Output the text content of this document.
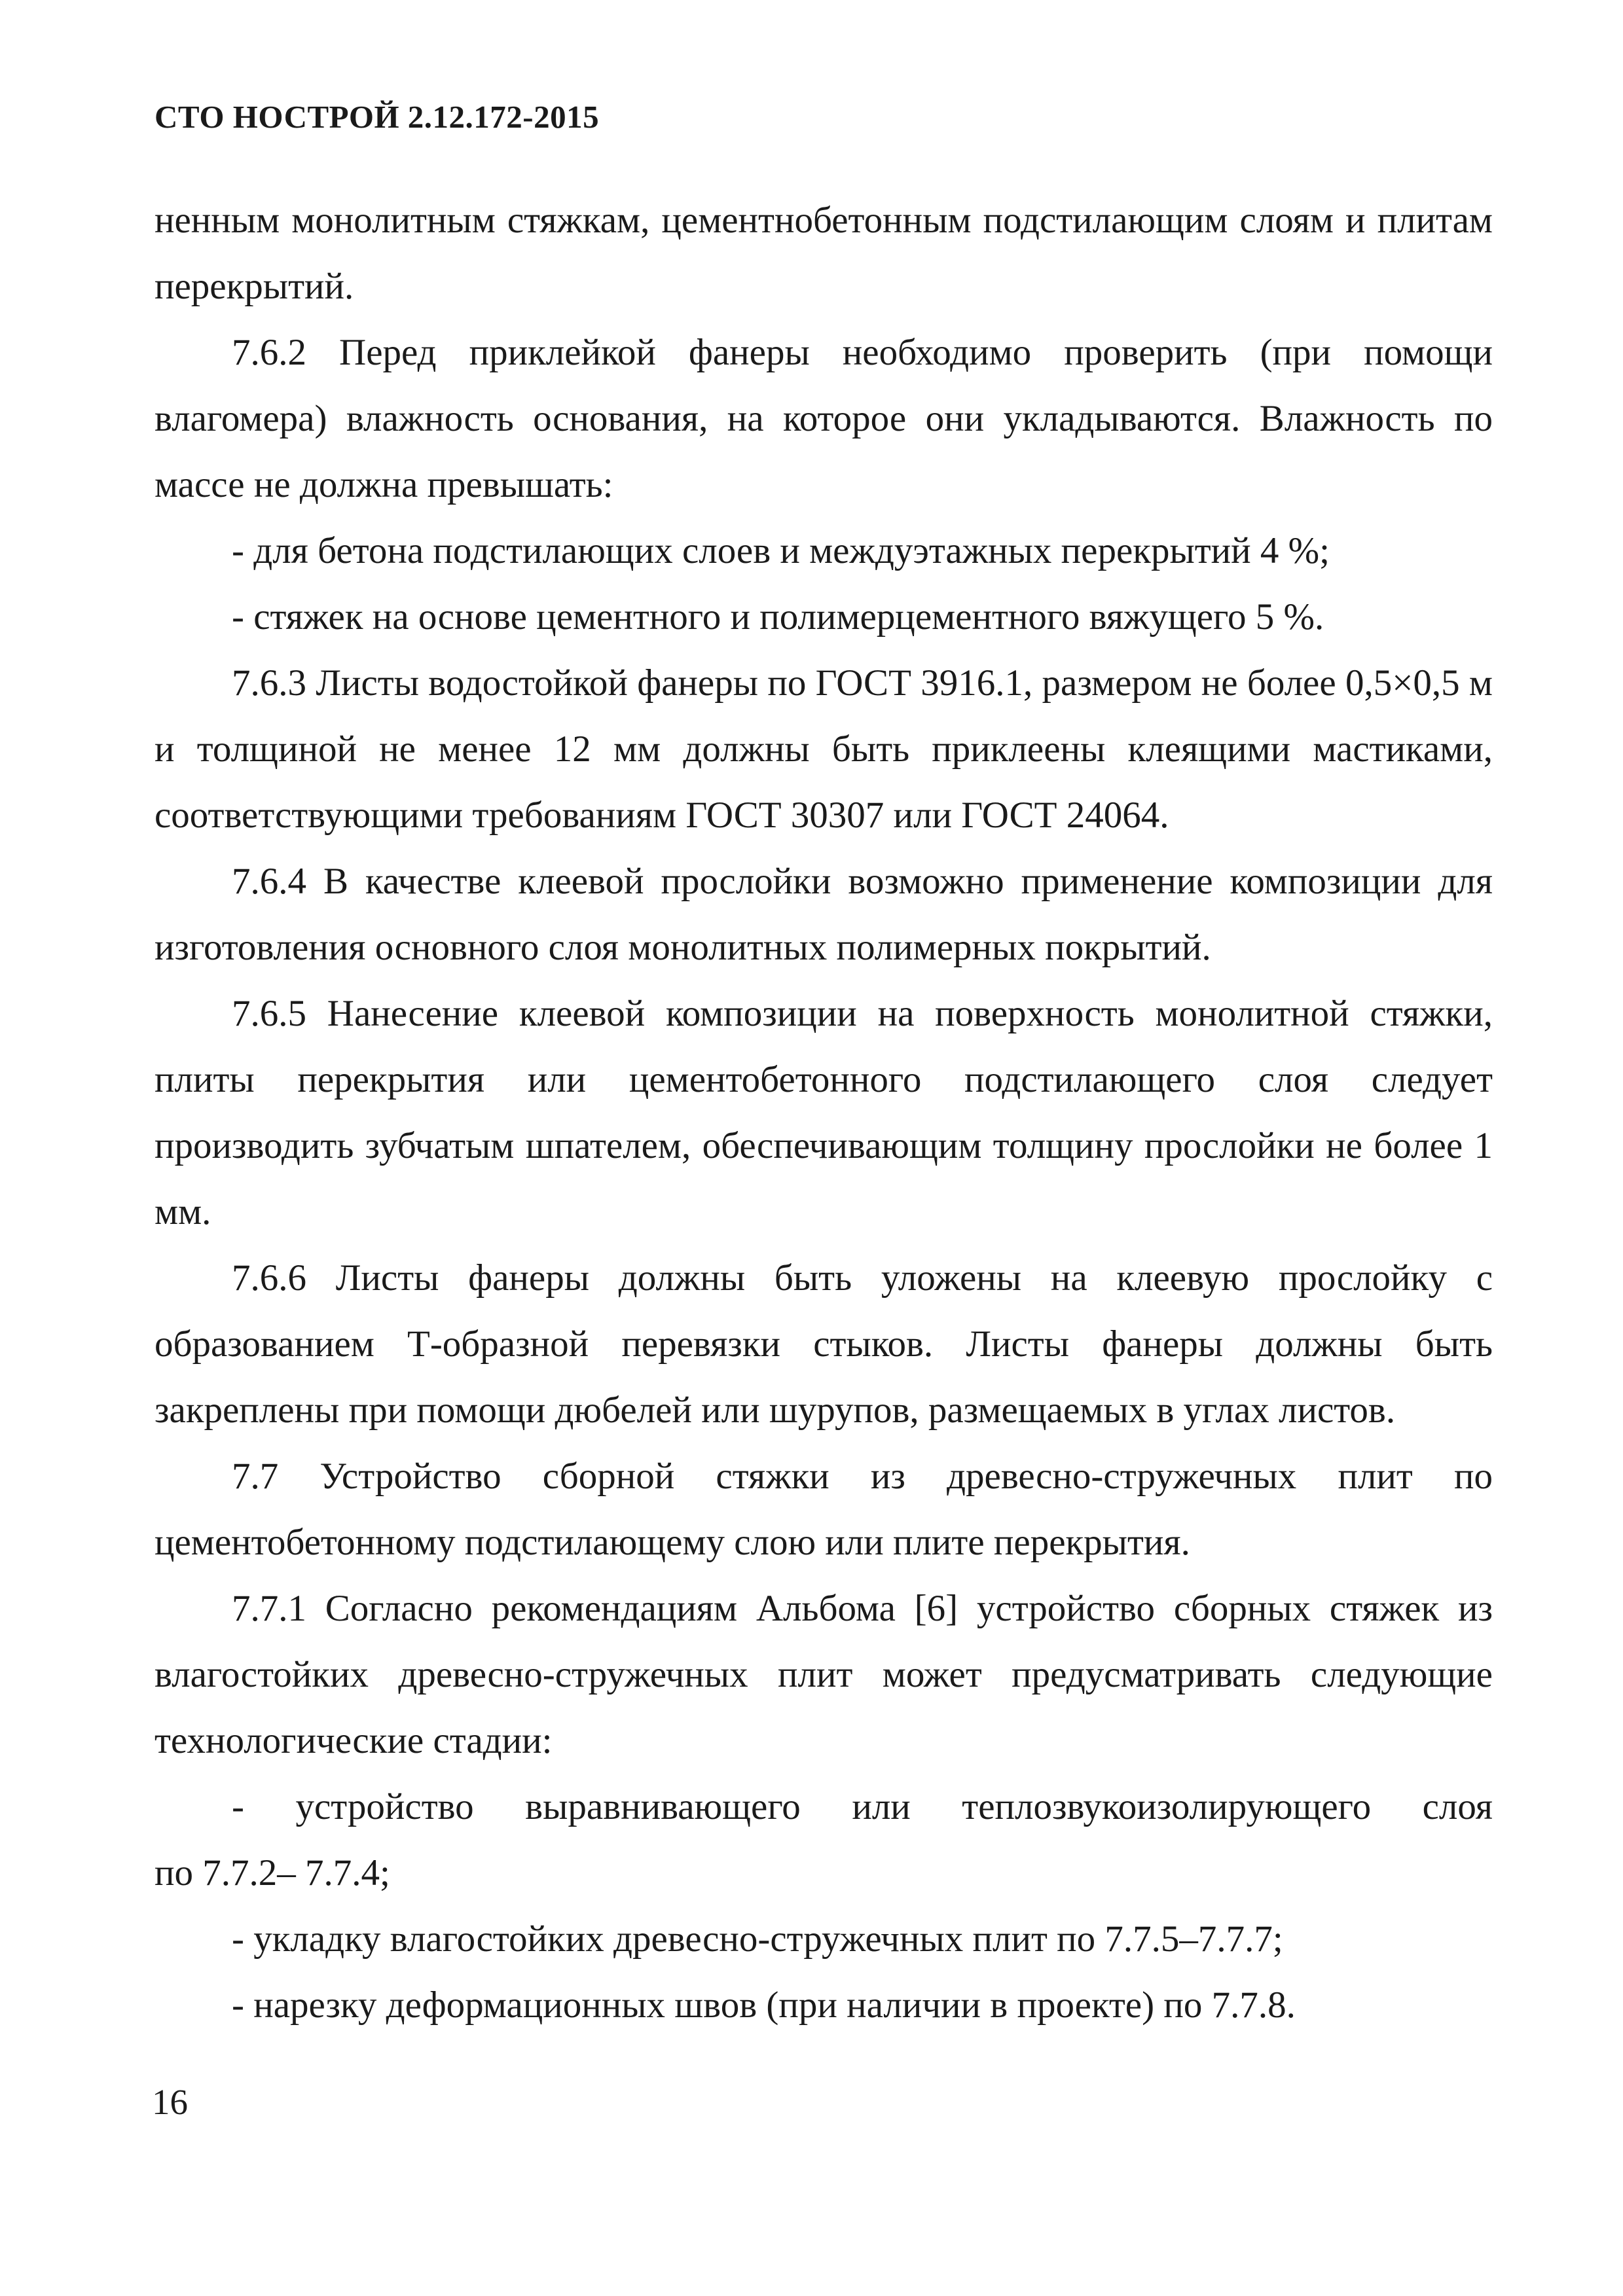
СТО НОСТРОЙ 2.12.172-2015

ненным монолитным стяжкам, цементнобетонным подстилающим слоям и плитам перекрытий.

7.6.2 Перед приклейкой фанеры необходимо проверить (при помощи влагомера) влажность основания, на которое они укладываются. Влажность по массе не должна превышать:

- для бетона подстилающих слоев и междуэтажных перекрытий 4 %;

- стяжек на основе цементного и полимерцементного вяжущего 5 %.

7.6.3 Листы водостойкой фанеры по ГОСТ 3916.1, размером не более 0,5×0,5 м и толщиной не менее 12 мм должны быть приклеены клеящими мастиками, соответствующими требованиям ГОСТ 30307 или ГОСТ 24064.

7.6.4 В качестве клеевой прослойки возможно применение композиции для изготовления основного слоя монолитных полимерных покрытий.

7.6.5 Нанесение клеевой композиции на поверхность монолитной стяжки, плиты перекрытия или цементобетонного подстилающего слоя следует производить зубчатым шпателем, обеспечивающим толщину прослойки не более 1 мм.

7.6.6 Листы фанеры должны быть уложены на клеевую прослойку с образованием Т-образной перевязки стыков. Листы фанеры должны быть закреплены при помощи дюбелей или шурупов, размещаемых в углах листов.

7.7 Устройство сборной стяжки из древесно-стружечных плит по цементобетонному подстилающему слою или плите перекрытия.

7.7.1 Согласно рекомендациям Альбома [6] устройство сборных стяжек из влагостойких древесно-стружечных плит может предусматривать следующие технологические стадии:

- устройство выравнивающего или теплозвукоизолирующего слоя

по 7.7.2– 7.7.4;

- укладку влагостойких древесно-стружечных плит по 7.7.5–7.7.7;

- нарезку деформационных швов (при наличии в проекте) по 7.7.8.

16
